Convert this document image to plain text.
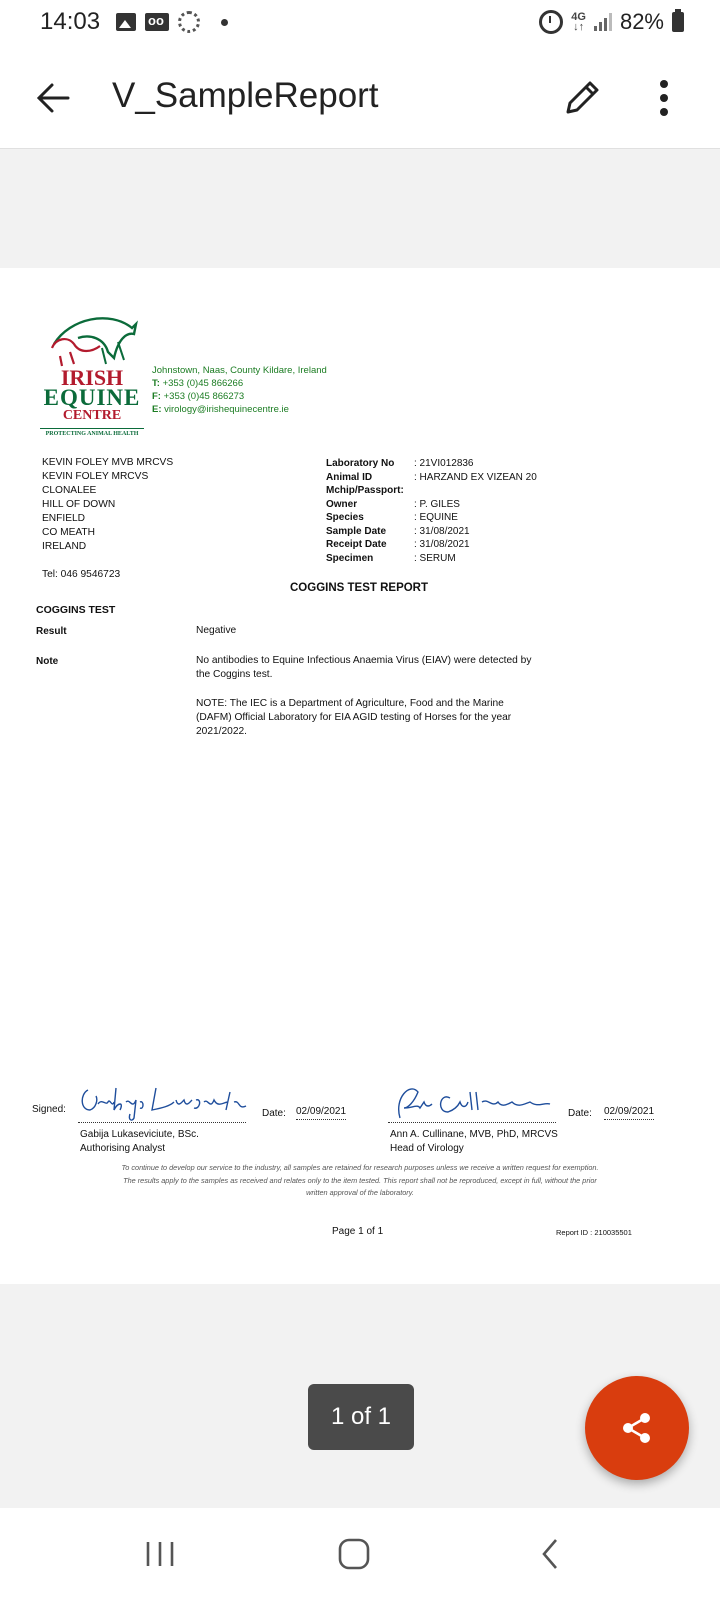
14:03
oo	4G
↓↑ 82%
V_SampleReport
IRISH
EQUINE
CENTRE
PROTECTING ANIMAL HEALTH
Johnstown, Naas, County Kildare, Ireland
T: +353 (0)45 866266
F: +353 (0)45 866273
E: virology@irishequinecentre.ie
KEVIN FOLEY MVB MRCVS
KEVIN FOLEY MRCVS
CLONALEE
HILL OF DOWN
ENFIELD
CO MEATH
IRELAND
Tel: 046 9546723
Laboratory No	: 21VI012836
Animal ID	: HARZAND EX VIZEAN 20
Mchip/Passport:
Owner	: P. GILES
Species	: EQUINE
Sample Date	: 31/08/2021
Receipt Date	: 31/08/2021
Specimen	: SERUM
COGGINS TEST REPORT
COGGINS TEST
Result	Negative
Note	No antibodies to Equine Infectious Anaemia Virus (EIAV) were detected by
the Coggins test.
NOTE: The IEC is a Department of Agriculture, Food and the Marine
(DAFM) Official Laboratory for EIA AGID testing of Horses for the year
2021/2022.
Signed:	Date: 02/09/2021
Gabija Lukaseviciute, BSc.
Authorising Analyst
Date: 02/09/2021
Ann A. Cullinane, MVB, PhD, MRCVS
Head of Virology
To continue to develop our service to the industry, all samples are retained for research purposes unless we receive a written request for exemption.
The results apply to the samples as received and relates only to the item tested. This report shall not be reproduced, except in full, without the prior
written approval of the laboratory.
Page 1 of 1	Report ID : 210035501
1 of 1
